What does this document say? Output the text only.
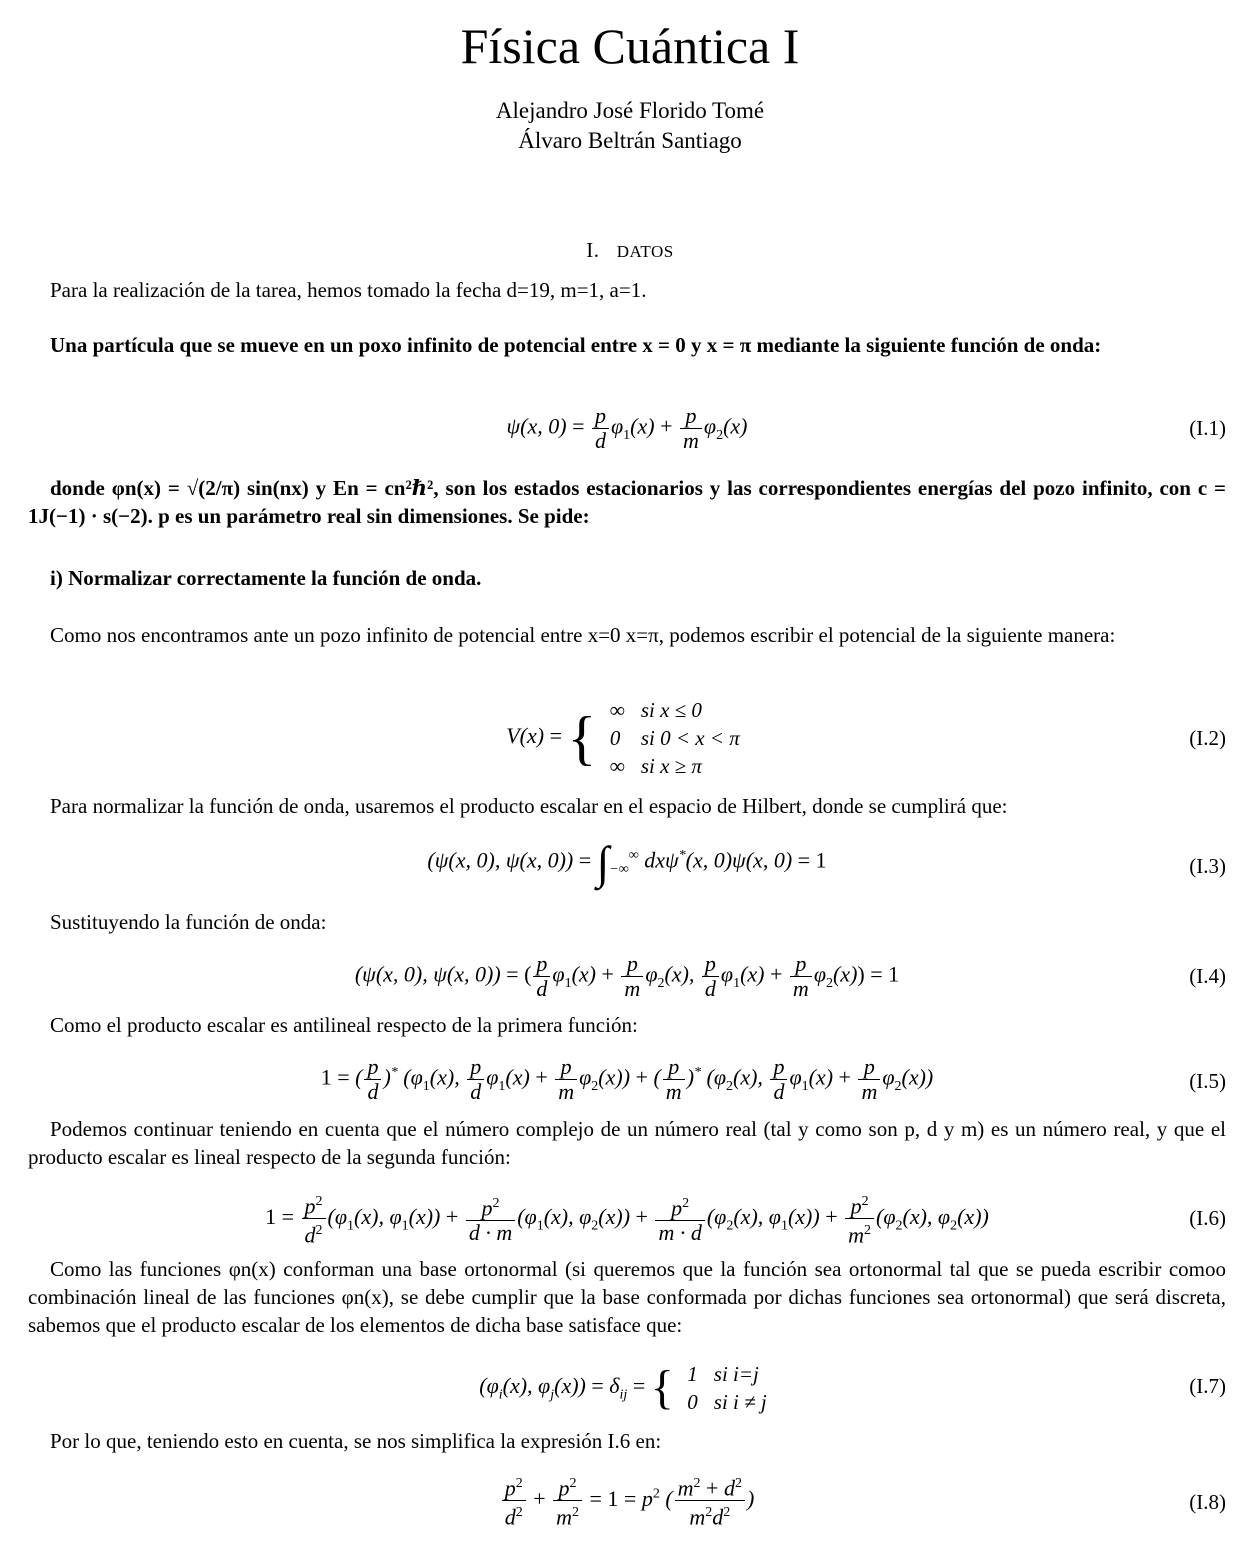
Física Cuántica I
Alejandro José Florido Tomé
Álvaro Beltrán Santiago
I. DATOS
Para la realización de la tarea, hemos tomado la fecha d=19, m=1, a=1.
Una partícula que se mueve en un poxo infinito de potencial entre x = 0 y x = π mediante la siguiente función de onda:
ψ(x, $0) = \frac{p}{d} \varphi_1(x) + \frac{p}{m} \varphi_2(x)$	(I.1)
donde φn(x) = √(2/π) sin(nx) y En = cn²ℏ², son los estados estacionarios y las correspondientes energías del pozo infinito, con c = 1J(−1) · s(−2). p es un parámetro real sin dimensiones. Se pide:
i) Normalizar correctamente la función de onda.
Como nos encontramos ante un pozo infinito de potencial entre x=0 x=π, podemos escribir el potencial de la siguiente manera:
V(x) = { ∞	si x ≤ 0
0	si 0 < x < π
∞	si x ≥ π
(I.2)
Para normalizar la función de onda, usaremos el producto escalar en el espacio de Hilbert, donde se cumplirá que:
(ψ(x, 0), ψ(x, $0)) = \int_{-\infty}^\infty$ dxψ*(x, 0)ψ(x, 0) = 1	(I.3)
Sustituyendo la función de onda:
(ψ(x, 0), ψ(x, 0)) = ( $\frac{p}{d} \varphi_1(x) + \frac{p}{m} \varphi_2(x)$, $\frac{p}{d} \varphi_1(x) + \frac{p}{m} \varphi_2(x)) = 1$	(I.4)
Como el producto escalar es antilineal respecto de la primera función:
1 = ( $\frac{p}{d} )^*$ ($\varphi_1(x)$, $\frac{p}{d} \varphi_1(x) + \frac{p}{m} \varphi_2(x)$) + ( $\frac{p}{m} )^*$ ($\varphi_2(x)$, $\frac{p}{d} \varphi_1(x) + \frac{p}{m} \varphi_2(x)$)	(I.5)
Podemos continuar teniendo en cuenta que el número complejo de un número real (tal y como son p, d y m) es un número real, y que el producto escalar es lineal respecto de la segunda función:
$1 = \frac{p^2}{d^2} (\varphi_1(x)$, $\varphi_1(x)) + \frac{p^2}{d \cdot m} (\varphi_1(x)$, $\varphi_2(x)) + \frac{p^2}{m \cdot d} (\varphi_2(x)$, $\varphi_1(x)) + \frac{p^2}{m^2} (\varphi_2(x)$, $\varphi_2(x)$)	(I.6)
Como las funciones φn(x) conforman una base ortonormal (si queremos que la función sea ortonormal tal que se pueda escribir comoo combinación lineal de las funciones φn(x), se debe cumplir que la base conformada por dichas funciones sea ortonormal) que será discreta, sabemos que el producto escalar de los elementos de dicha base satisface que:
($\varphi_i(x)$, $\varphi_j(x)) = \delta_{ij}$ = { 1	si i=j
0	si i ≠ j
(I.7)
Por lo que, teniendo esto en cuenta, se nos simplifica la expresión I.6 en:
$\frac{p^2}{d^2} + \frac{p^2}{m^2} = 1 = p^2$ ( $\frac{m^2 + d^2}{m^2d^2}$ )	(I.8)
